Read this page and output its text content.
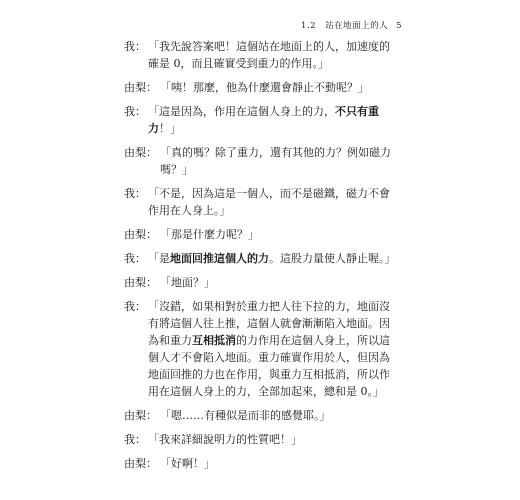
1.2　站在地面上的人 5
我： 「我先說答案吧！這個站在地面上的人，加速度的確是 0，而且確實受到重力的作用。」
由梨： 「咦！那麼，他為什麼還會靜止不動呢？」
我： 「這是因為，作用在這個人身上的力，不只有重力！」
由梨： 「真的嗎？除了重力，還有其他的力？例如磁力嗎？」
我： 「不是，因為這是一個人，而不是磁鐵，磁力不會作用在人身上。」
由梨： 「那是什麼力呢？」
我： 「是地面回推這個人的力。這股力量使人靜止喔。」
由梨： 「地面？」
我： 「沒錯，如果相對於重力把人往下拉的力，地面沒有將這個人往上推，這個人就會漸漸陷入地面。因為和重力互相抵消的力作用在這個人身上，所以這個人才不會陷入地面。重力確實作用於人，但因為地面回推的力也在作用，與重力互相抵消，所以作用在這個人身上的力，全部加起來，總和是 0。」
由梨： 「嗯……有種似是而非的感覺耶。」
我： 「我來詳細說明力的性質吧！」
由梨： 「好啊！」
